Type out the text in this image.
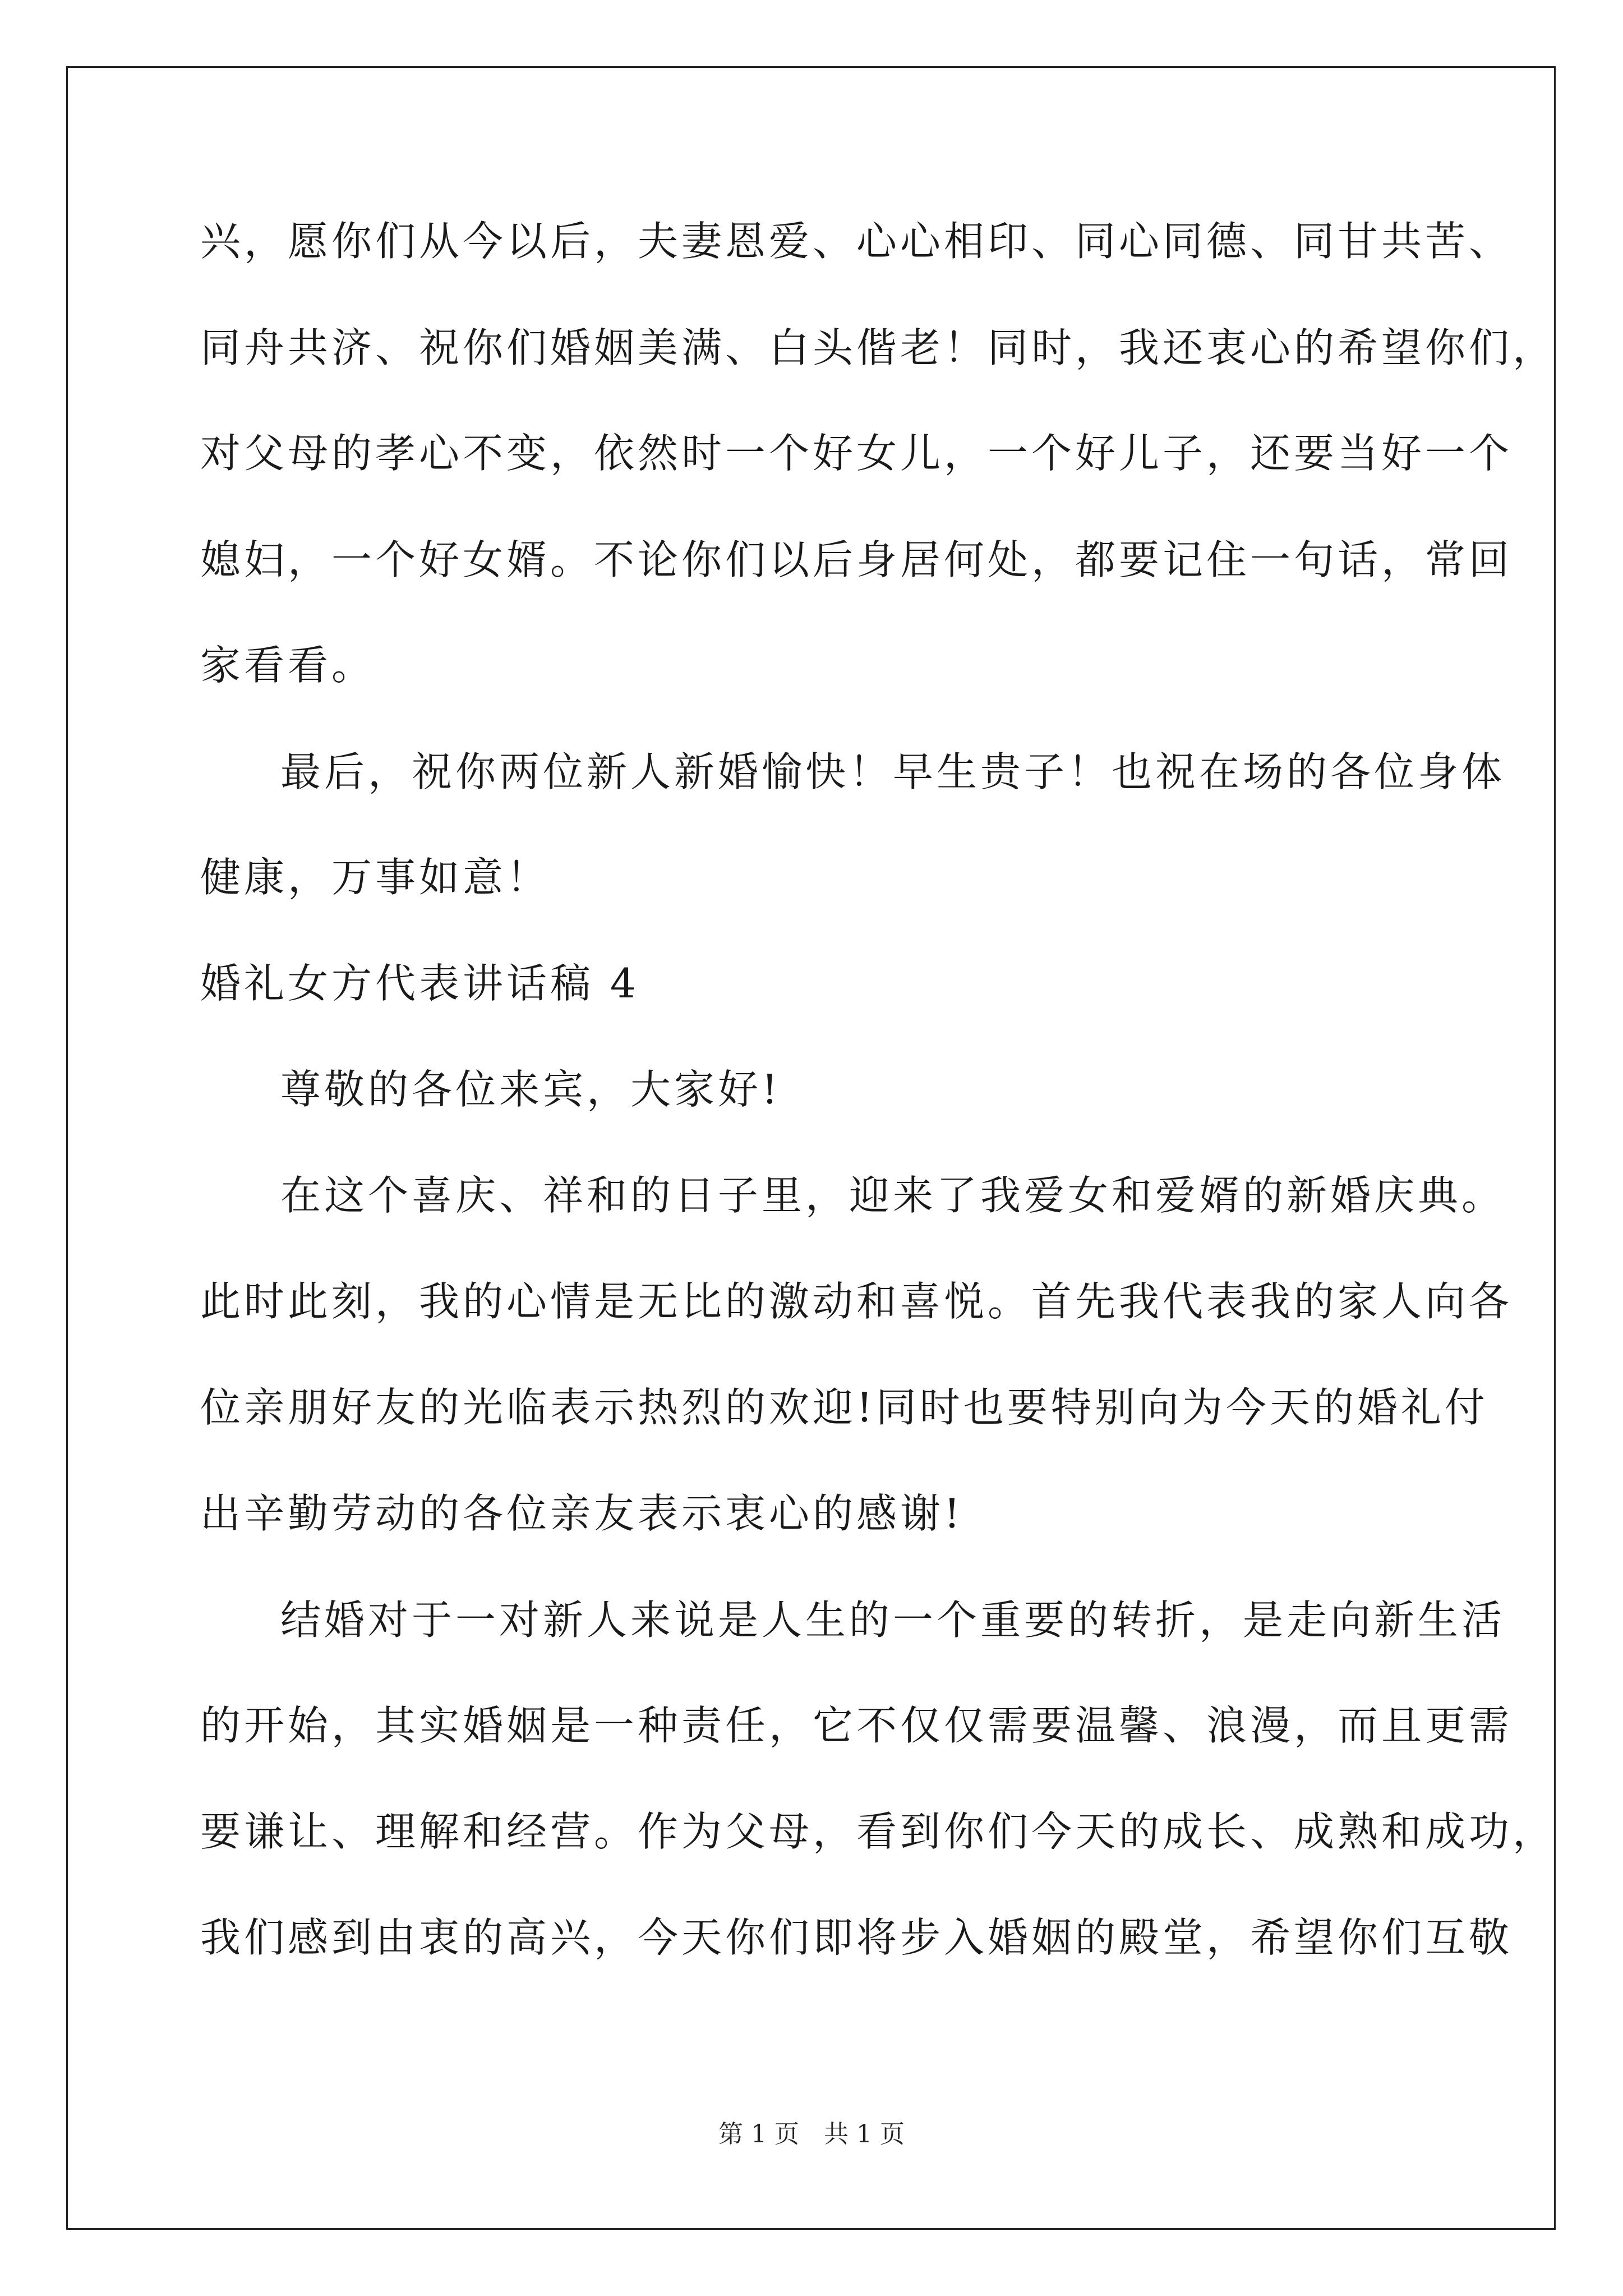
兴，愿你们从今以后，夫妻恩爱、心心相印、同心同德、同甘共苦、
同舟共济、祝你们婚姻美满、白头偕老！同时，我还衷心的希望你们，
对父母的孝心不变，依然时一个好女儿，一个好儿子，还要当好一个
媳妇，一个好女婿。不论你们以后身居何处，都要记住一句话，常回
家看看。
最后，祝你两位新人新婚愉快！早生贵子！也祝在场的各位身体
健康，万事如意！
婚礼女方代表讲话稿 4
尊敬的各位来宾，大家好!
在这个喜庆、祥和的日子里，迎来了我爱女和爱婿的新婚庆典。
此时此刻，我的心情是无比的激动和喜悦。首先我代表我的家人向各
位亲朋好友的光临表示热烈的欢迎!同时也要特别向为今天的婚礼付
出辛勤劳动的各位亲友表示衷心的感谢!
结婚对于一对新人来说是人生的一个重要的转折，是走向新生活
的开始，其实婚姻是一种责任，它不仅仅需要温馨、浪漫，而且更需
要谦让、理解和经营。作为父母，看到你们今天的成长、成熟和成功，
我们感到由衷的高兴，今天你们即将步入婚姻的殿堂，希望你们互敬
第 1 页　共 1 页
